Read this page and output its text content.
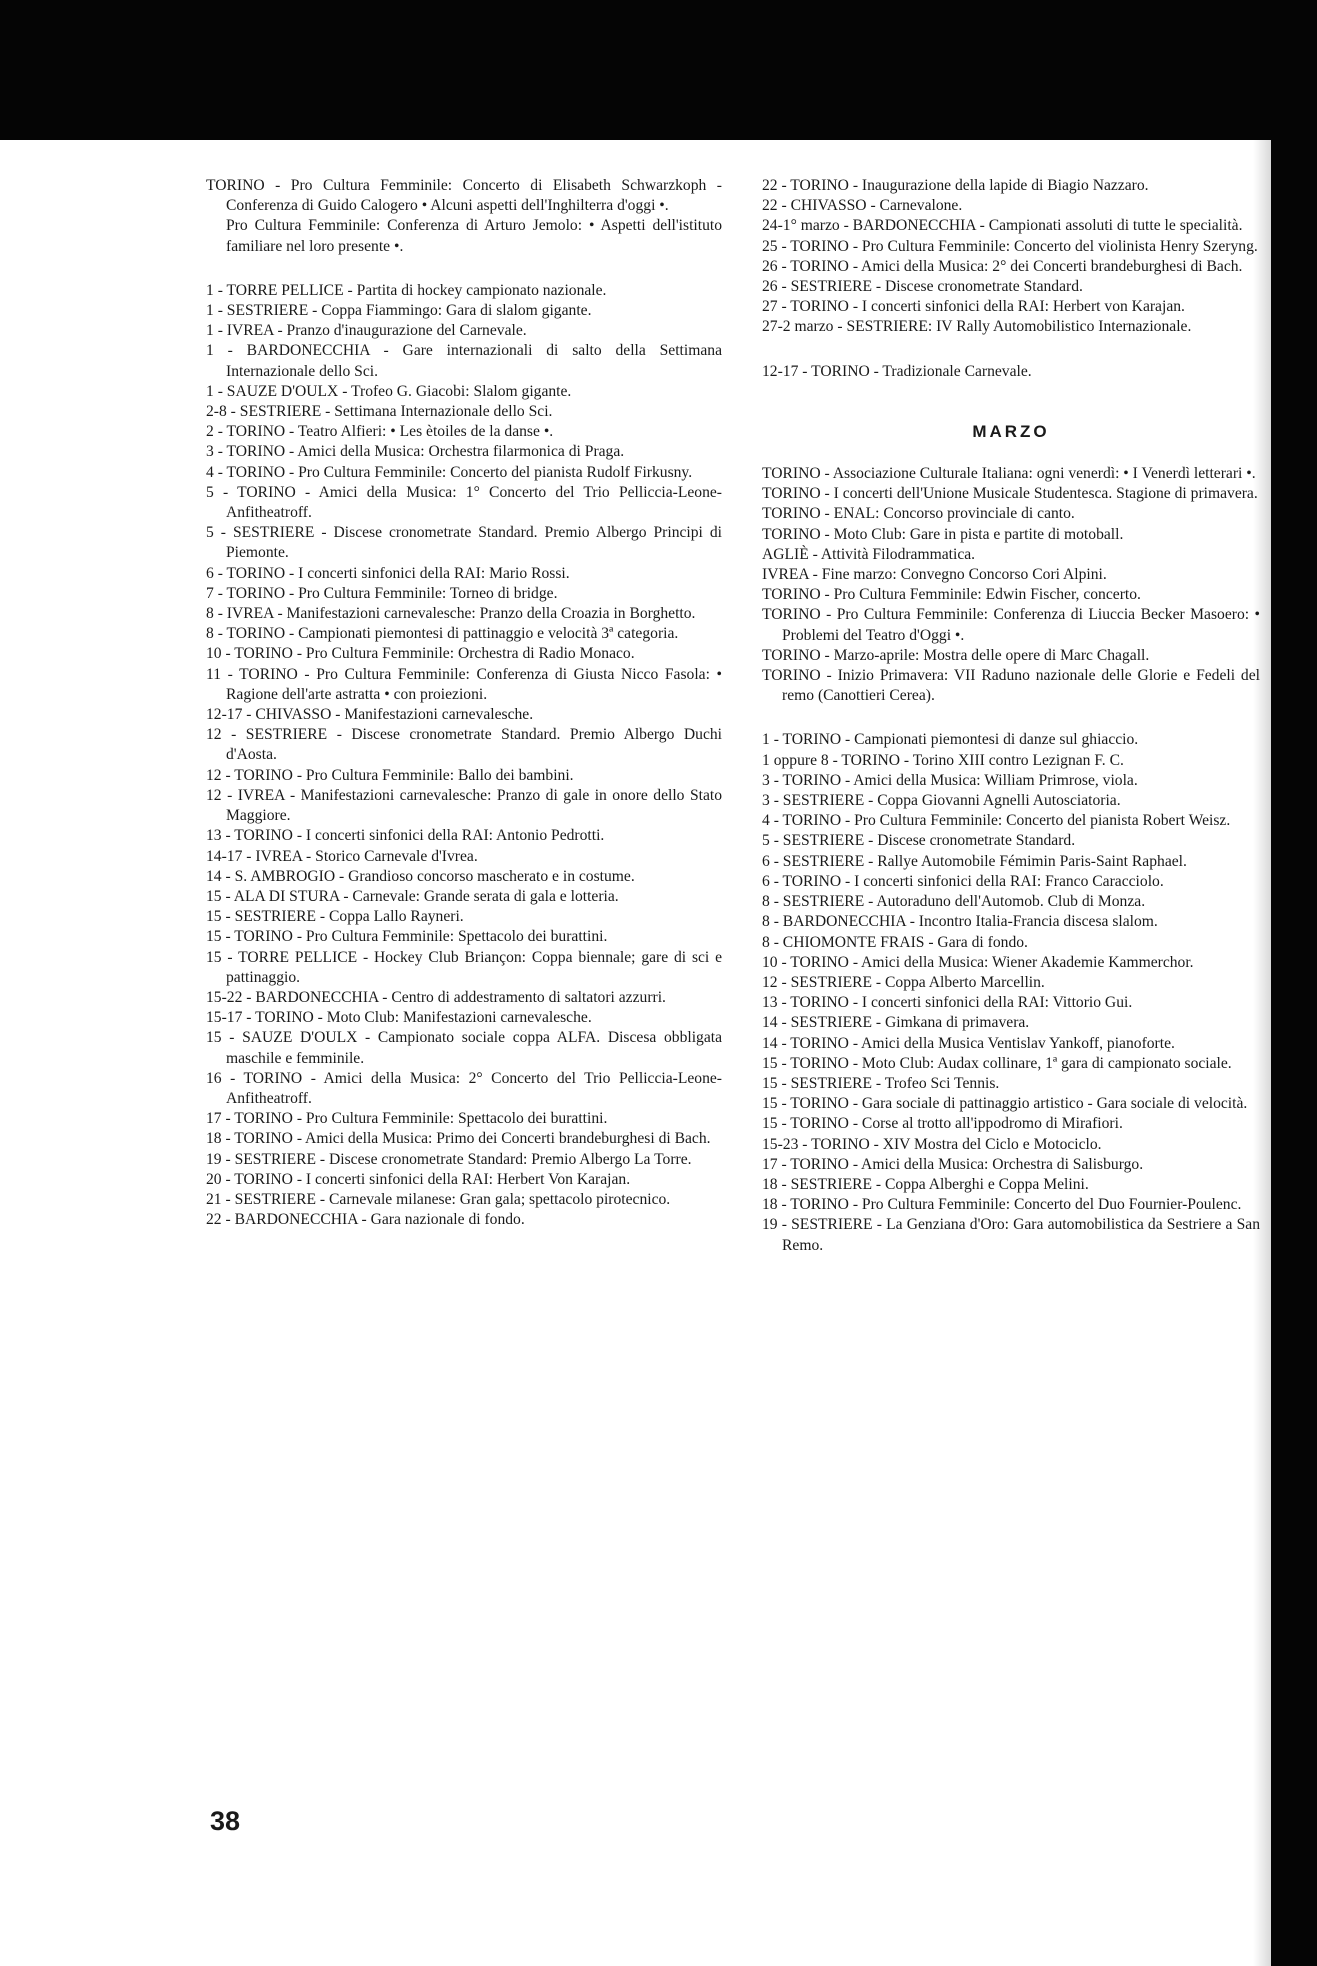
TORINO - Pro Cultura Femminile: Concerto di Elisabeth Schwarzkoph - Conferenza di Guido Calogero • Alcuni aspetti dell'Inghilterra d'oggi •.

Pro Cultura Femminile: Conferenza di Arturo Jemolo: • Aspetti dell'istituto familiare nel loro presente •.

1 - TORRE PELLICE - Partita di hockey campionato nazionale.

1 - SESTRIERE - Coppa Fiammingo: Gara di slalom gigante.

1 - IVREA - Pranzo d'inaugurazione del Carnevale.

1 - BARDONECCHIA - Gare internazionali di salto della Settimana Internazionale dello Sci.

1 - SAUZE D'OULX - Trofeo G. Giacobi: Slalom gigante.

2-8 - SESTRIERE - Settimana Internazionale dello Sci.

2 - TORINO - Teatro Alfieri: • Les ètoiles de la danse •.

3 - TORINO - Amici della Musica: Orchestra filarmonica di Praga.

4 - TORINO - Pro Cultura Femminile: Concerto del pianista Rudolf Firkusny.

5 - TORINO - Amici della Musica: 1° Concerto del Trio Pelliccia-Leone-Anfitheatroff.

5 - SESTRIERE - Discese cronometrate Standard. Premio Albergo Principi di Piemonte.

6 - TORINO - I concerti sinfonici della RAI: Mario Rossi.

7 - TORINO - Pro Cultura Femminile: Torneo di bridge.

8 - IVREA - Manifestazioni carnevalesche: Pranzo della Croazia in Borghetto.

8 - TORINO - Campionati piemontesi di pattinaggio e velocità 3ª categoria.

10 - TORINO - Pro Cultura Femminile: Orchestra di Radio Monaco.

11 - TORINO - Pro Cultura Femminile: Conferenza di Giusta Nicco Fasola: • Ragione dell'arte astratta • con proiezioni.

12-17 - CHIVASSO - Manifestazioni carnevalesche.

12 - SESTRIERE - Discese cronometrate Standard. Premio Albergo Duchi d'Aosta.

12 - TORINO - Pro Cultura Femminile: Ballo dei bambini.

12 - IVREA - Manifestazioni carnevalesche: Pranzo di gale in onore dello Stato Maggiore.

13 - TORINO - I concerti sinfonici della RAI: Antonio Pedrotti.

14-17 - IVREA - Storico Carnevale d'Ivrea.

14 - S. AMBROGIO - Grandioso concorso mascherato e in costume.

15 - ALA DI STURA - Carnevale: Grande serata di gala e lotteria.

15 - SESTRIERE - Coppa Lallo Rayneri.

15 - TORINO - Pro Cultura Femminile: Spettacolo dei burattini.

15 - TORRE PELLICE - Hockey Club Briançon: Coppa biennale; gare di sci e pattinaggio.

15-22 - BARDONECCHIA - Centro di addestramento di saltatori azzurri.

15-17 - TORINO - Moto Club: Manifestazioni carnevalesche.

15 - SAUZE D'OULX - Campionato sociale coppa ALFA. Discesa obbligata maschile e femminile.

16 - TORINO - Amici della Musica: 2° Concerto del Trio Pelliccia-Leone-Anfitheatroff.

17 - TORINO - Pro Cultura Femminile: Spettacolo dei burattini.

18 - TORINO - Amici della Musica: Primo dei Concerti brandeburghesi di Bach.

19 - SESTRIERE - Discese cronometrate Standard: Premio Albergo La Torre.

20 - TORINO - I concerti sinfonici della RAI: Herbert Von Karajan.

21 - SESTRIERE - Carnevale milanese: Gran gala; spettacolo pirotecnico.

22 - BARDONECCHIA - Gara nazionale di fondo.

22 - TORINO - Inaugurazione della lapide di Biagio Nazzaro.

22 - CHIVASSO - Carnevalone.

24-1° marzo - BARDONECCHIA - Campionati assoluti di tutte le specialità.

25 - TORINO - Pro Cultura Femminile: Concerto del violinista Henry Szeryng.

26 - TORINO - Amici della Musica: 2° dei Concerti brandeburghesi di Bach.

26 - SESTRIERE - Discese cronometrate Standard.

27 - TORINO - I concerti sinfonici della RAI: Herbert von Karajan.

27-2 marzo - SESTRIERE: IV Rally Automobilistico Internazionale.

12-17 - TORINO - Tradizionale Carnevale.

MARZO

TORINO - Associazione Culturale Italiana: ogni venerdì: • I Venerdì letterari •.

TORINO - I concerti dell'Unione Musicale Studentesca. Stagione di primavera.

TORINO - ENAL: Concorso provinciale di canto.

TORINO - Moto Club: Gare in pista e partite di motoball.

AGLIÈ - Attività Filodrammatica.

IVREA - Fine marzo: Convegno Concorso Cori Alpini.

TORINO - Pro Cultura Femminile: Edwin Fischer, concerto.

TORINO - Pro Cultura Femminile: Conferenza di Liuccia Becker Masoero: • Problemi del Teatro d'Oggi •.

TORINO - Marzo-aprile: Mostra delle opere di Marc Chagall.

TORINO - Inizio Primavera: VII Raduno nazionale delle Glorie e Fedeli del remo (Canottieri Cerea).

1 - TORINO - Campionati piemontesi di danze sul ghiaccio.

1 oppure 8 - TORINO - Torino XIII contro Lezignan F. C.

3 - TORINO - Amici della Musica: William Primrose, viola.

3 - SESTRIERE - Coppa Giovanni Agnelli Autosciatoria.

4 - TORINO - Pro Cultura Femminile: Concerto del pianista Robert Weisz.

5 - SESTRIERE - Discese cronometrate Standard.

6 - SESTRIERE - Rallye Automobile Fémimin Paris-Saint Raphael.

6 - TORINO - I concerti sinfonici della RAI: Franco Caracciolo.

8 - SESTRIERE - Autoraduno dell'Automob. Club di Monza.

8 - BARDONECCHIA - Incontro Italia-Francia discesa slalom.

8 - CHIOMONTE FRAIS - Gara di fondo.

10 - TORINO - Amici della Musica: Wiener Akademie Kammerchor.

12 - SESTRIERE - Coppa Alberto Marcellin.

13 - TORINO - I concerti sinfonici della RAI: Vittorio Gui.

14 - SESTRIERE - Gimkana di primavera.

14 - TORINO - Amici della Musica Ventislav Yankoff, pianoforte.

15 - TORINO - Moto Club: Audax collinare, 1ª gara di campionato sociale.

15 - SESTRIERE - Trofeo Sci Tennis.

15 - TORINO - Gara sociale di pattinaggio artistico - Gara sociale di velocità.

15 - TORINO - Corse al trotto all'ippodromo di Mirafiori.

15-23 - TORINO - XIV Mostra del Ciclo e Motociclo.

17 - TORINO - Amici della Musica: Orchestra di Salisburgo.

18 - SESTRIERE - Coppa Alberghi e Coppa Melini.

18 - TORINO - Pro Cultura Femminile: Concerto del Duo Fournier-Poulenc.

19 - SESTRIERE - La Genziana d'Oro: Gara automobilistica da Sestriere a San Remo.

38
